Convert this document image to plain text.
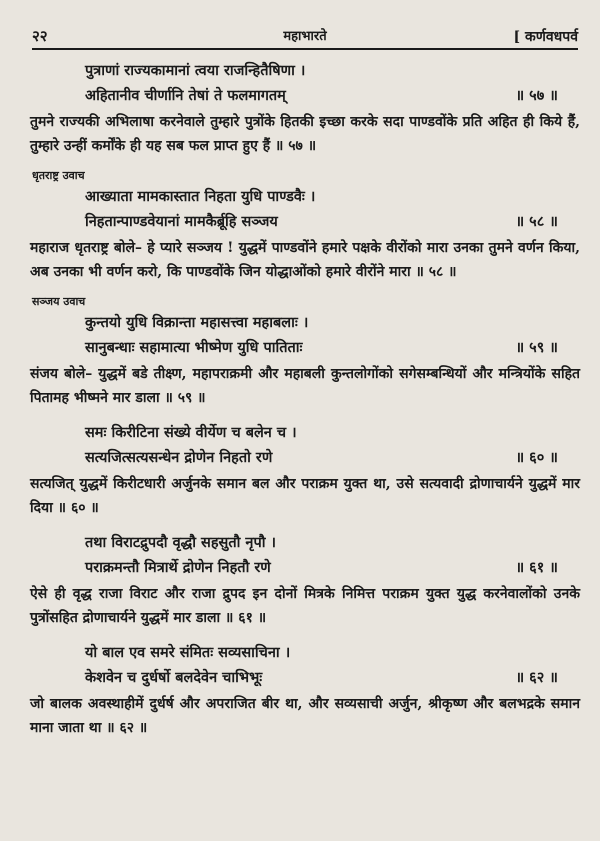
२२	महाभारते	[ कर्णवधपर्व
पुत्राणां राज्यकामानां त्वया राजन्हितैषिणा ।
अहितानीव चीर्णानि तेषां ते फलमागतम्	॥ ५७ ॥

तुमने राज्यकी अभिलाषा करनेवाले तुम्हारे पुत्रोंके हितकी इच्छा करके सदा पाण्डवोंके प्रति अहित ही किये हैं, तुम्हारे उन्हीं कर्मोंके ही यह सब फल प्राप्त हुए हैं ॥ ५७ ॥

धृतराष्ट्र उवाच
आख्याता मामकास्तात निहता युधि पाण्डवैः ।
निहतान्पाण्डवेयानां मामकैर्ब्रूहि सञ्जय	॥ ५८ ॥

महाराज धृतराष्ट्र बोले– हे प्यारे सञ्जय ! युद्धमें पाण्डवोंने हमारे पक्षके वीरोंको मारा उनका तुमने वर्णन किया, अब उनका भी वर्णन करो, कि पाण्डवोंके जिन योद्धाओंको हमारे वीरोंने मारा ॥ ५८ ॥

सञ्जय उवाच
कुन्तयो युधि विक्रान्ता महासत्त्वा महाबलाः ।
सानुबन्धाः सहामात्या भीष्मेण युधि पातिताः	॥ ५९ ॥

संजय बोले– युद्धमें बडे तीक्ष्ण, महापराक्रमी और महाबली कुन्तलोगोंको सगेसम्बन्धियों और मन्त्रियोंके सहित पितामह भीष्मने मार डाला ॥ ५९ ॥

समः किरीटिना संख्ये वीर्येण च बलेन च ।
सत्यजित्सत्यसन्धेन द्रोणेन निहतो रणे	॥ ६० ॥

सत्यजित् युद्धमें किरीटधारी अर्जुनके समान बल और पराक्रम युक्त था, उसे सत्यवादी द्रोणाचार्यने युद्धमें मार दिया ॥ ६० ॥

तथा विराटद्रुपदौ वृद्धौ सहसुतौ नृपौ ।
पराक्रमन्तौ मित्रार्थे द्रोणेन निहतौ रणे	॥ ६१ ॥

ऐसे ही वृद्ध राजा विराट और राजा द्रुपद इन दोनों मित्रके निमित्त पराक्रम युक्त युद्ध करनेवालोंको उनके पुत्रोंसहित द्रोणाचार्यने युद्धमें मार डाला ॥ ६१ ॥

यो बाल एव समरे संमितः सव्यसाचिना ।
केशवेन च दुर्धर्षो बलदेवेन चाभिभूः	॥ ६२ ॥

जो बालक अवस्थाहीमें दुर्धर्ष और अपराजित बीर था, और सव्यसाची अर्जुन, श्रीकृष्ण और बलभद्रके समान माना जाता था ॥ ६२ ॥
